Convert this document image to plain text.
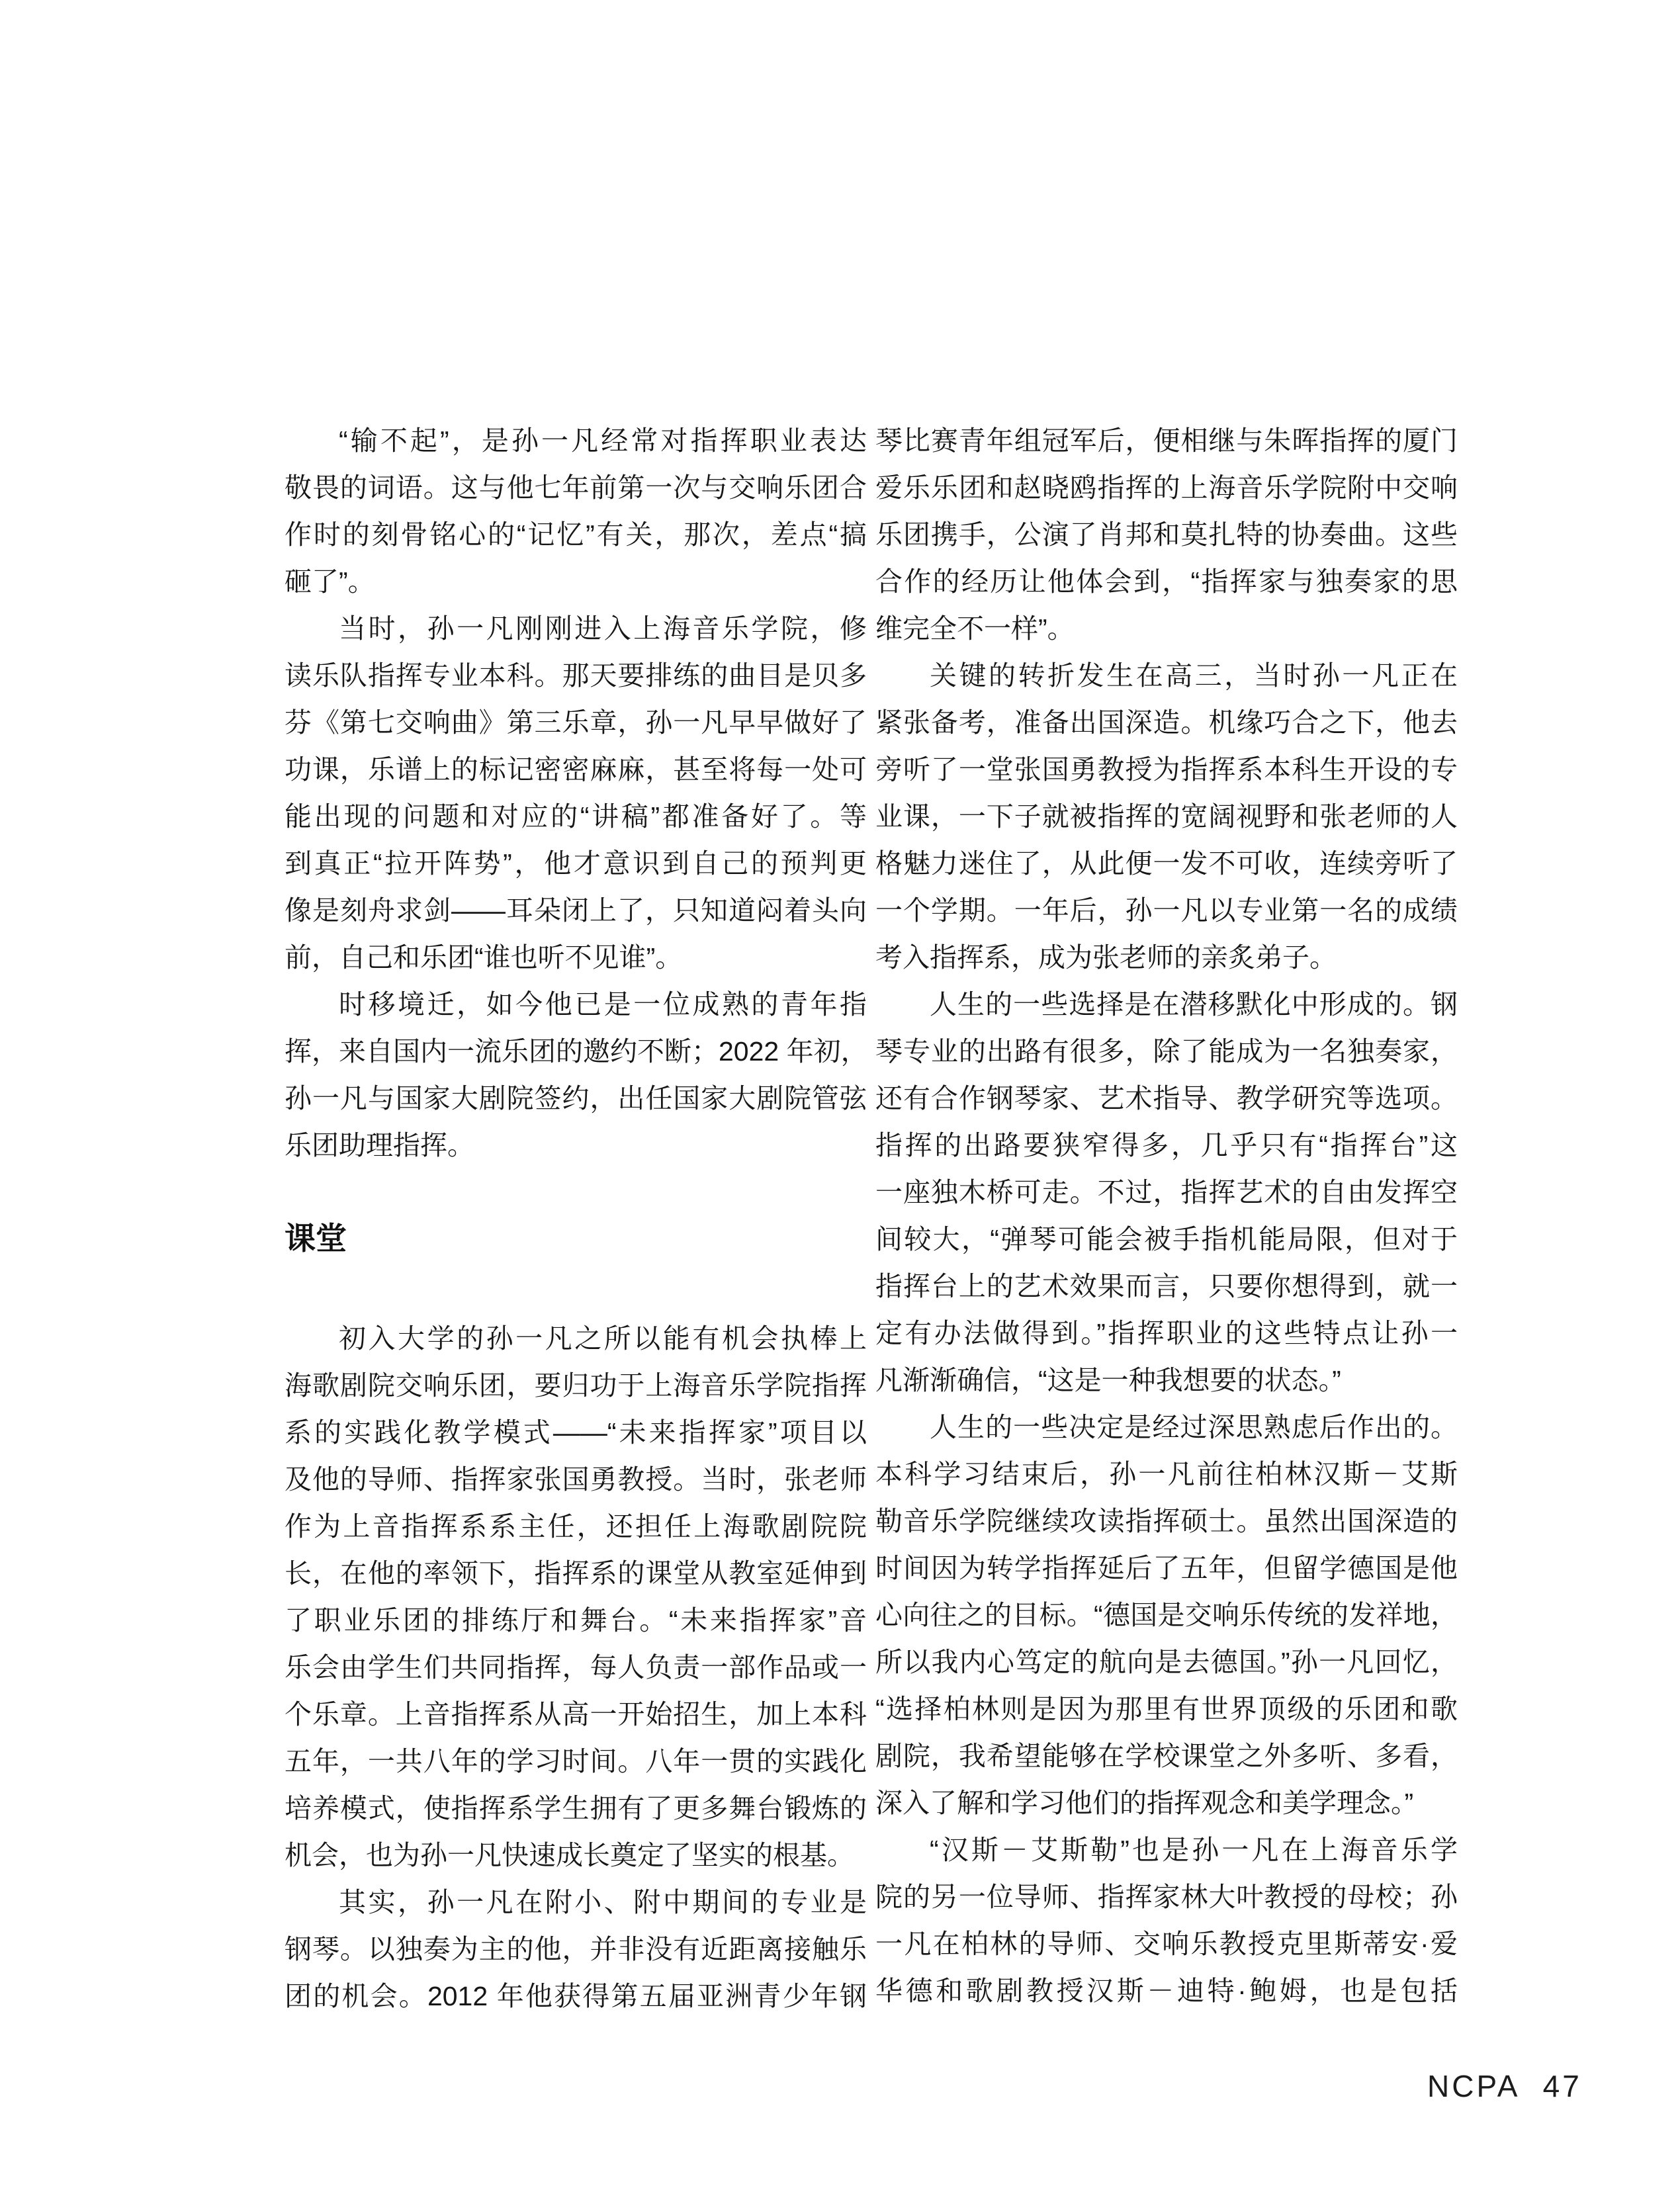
“输不起”，是孙一凡经常对指挥职业表达
敬畏的词语。这与他七年前第一次与交响乐团合
作时的刻骨铭心的“记忆”有关，那次，差点“搞
砸了”。
当时，孙一凡刚刚进入上海音乐学院，修
读乐队指挥专业本科。那天要排练的曲目是贝多
芬《第七交响曲》第三乐章，孙一凡早早做好了
功课，乐谱上的标记密密麻麻，甚至将每一处可
能出现的问题和对应的“讲稿”都准备好了。等
到真正“拉开阵势”，他才意识到自己的预判更
像是刻舟求剑——耳朵闭上了，只知道闷着头向
前，自己和乐团“谁也听不见谁”。
时移境迁，如今他已是一位成熟的青年指
挥，来自国内一流乐团的邀约不断；2022 年初，
孙一凡与国家大剧院签约，出任国家大剧院管弦
乐团助理指挥。
课堂
初入大学的孙一凡之所以能有机会执棒上
海歌剧院交响乐团，要归功于上海音乐学院指挥
系的实践化教学模式——“未来指挥家”项目以
及他的导师、指挥家张国勇教授。当时，张老师
作为上音指挥系系主任，还担任上海歌剧院院
长，在他的率领下，指挥系的课堂从教室延伸到
了职业乐团的排练厅和舞台。“未来指挥家”音
乐会由学生们共同指挥，每人负责一部作品或一
个乐章。上音指挥系从高一开始招生，加上本科
五年，一共八年的学习时间。八年一贯的实践化
培养模式，使指挥系学生拥有了更多舞台锻炼的
机会，也为孙一凡快速成长奠定了坚实的根基。
其实，孙一凡在附小、附中期间的专业是
钢琴。以独奏为主的他，并非没有近距离接触乐
团的机会。2012 年他获得第五届亚洲青少年钢
琴比赛青年组冠军后，便相继与朱晖指挥的厦门
爱乐乐团和赵晓鸥指挥的上海音乐学院附中交响
乐团携手，公演了肖邦和莫扎特的协奏曲。这些
合作的经历让他体会到，“指挥家与独奏家的思
维完全不一样”。
关键的转折发生在高三，当时孙一凡正在
紧张备考，准备出国深造。机缘巧合之下，他去
旁听了一堂张国勇教授为指挥系本科生开设的专
业课，一下子就被指挥的宽阔视野和张老师的人
格魅力迷住了，从此便一发不可收，连续旁听了
一个学期。一年后，孙一凡以专业第一名的成绩
考入指挥系，成为张老师的亲炙弟子。
人生的一些选择是在潜移默化中形成的。钢
琴专业的出路有很多，除了能成为一名独奏家，
还有合作钢琴家、艺术指导、教学研究等选项。
指挥的出路要狭窄得多，几乎只有“指挥台”这
一座独木桥可走。不过，指挥艺术的自由发挥空
间较大，“弹琴可能会被手指机能局限，但对于
指挥台上的艺术效果而言，只要你想得到，就一
定有办法做得到。”指挥职业的这些特点让孙一
凡渐渐确信，“这是一种我想要的状态。”
人生的一些决定是经过深思熟虑后作出的。
本科学习结束后，孙一凡前往柏林汉斯－艾斯
勒音乐学院继续攻读指挥硕士。虽然出国深造的
时间因为转学指挥延后了五年，但留学德国是他
心向往之的目标。“德国是交响乐传统的发祥地，
所以我内心笃定的航向是去德国。”孙一凡回忆，
“选择柏林则是因为那里有世界顶级的乐团和歌
剧院，我希望能够在学校课堂之外多听、多看，
深入了解和学习他们的指挥观念和美学理念。”
“汉斯－艾斯勒”也是孙一凡在上海音乐学
院的另一位导师、指挥家林大叶教授的母校；孙
一凡在柏林的导师、交响乐教授克里斯蒂安·爱
华德和歌剧教授汉斯－迪特·鲍姆，也是包括
NCPA 47
